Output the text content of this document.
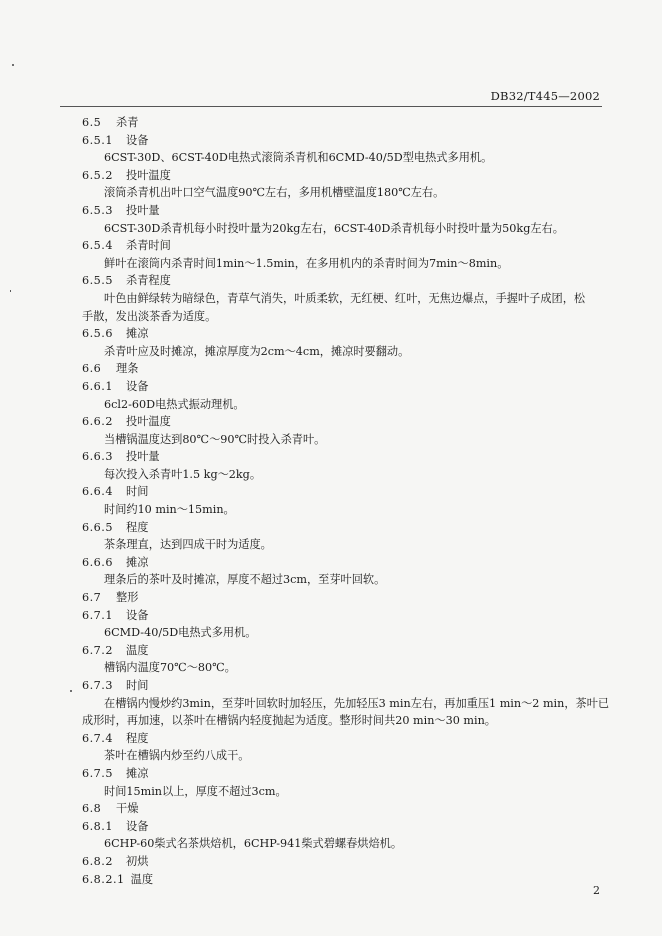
DB32/T445—2002
6.5 杀青
6.5.1 设备
6CST-30D、6CST-40D电热式滚筒杀青机和6CMD-40/5D型电热式多用机。
6.5.2 投叶温度
滚筒杀青机出叶口空气温度90℃左右，多用机槽壁温度180℃左右。
6.5.3 投叶量
6CST-30D杀青机每小时投叶量为20kg左右，6CST-40D杀青机每小时投叶量为50kg左右。
6.5.4 杀青时间
鲜叶在滚筒内杀青时间1min～1.5min，在多用机内的杀青时间为7min～8min。
6.5.5 杀青程度
叶色由鲜绿转为暗绿色，青草气消失，叶质柔软，无红梗、红叶，无焦边爆点，手握叶子成团，松
手散，发出淡茶香为适度。
6.5.6 摊凉
杀青叶应及时摊凉，摊凉厚度为2cm～4cm，摊凉时要翻动。
6.6 理条
6.6.1 设备
6cl2-60D电热式振动理机。
6.6.2 投叶温度
当槽锅温度达到80℃～90℃时投入杀青叶。
6.6.3 投叶量
每次投入杀青叶1.5 kg～2kg。
6.6.4 时间
时间约10 min～15min。
6.6.5 程度
茶条理直，达到四成干时为适度。
6.6.6 摊凉
理条后的茶叶及时摊凉，厚度不超过3cm，至芽叶回软。
6.7 整形
6.7.1 设备
6CMD-40/5D电热式多用机。
6.7.2 温度
槽锅内温度70℃～80℃。
6.7.3 时间
在槽锅内慢炒约3min，至芽叶回软时加轻压，先加轻压3 min左右，再加重压1 min～2 min，茶叶已
成形时，再加速，以茶叶在槽锅内轻度抛起为适度。整形时间共20 min～30 min。
6.7.4 程度
茶叶在槽锅内炒至约八成干。
6.7.5 摊凉
时间15min以上，厚度不超过3cm。
6.8 干燥
6.8.1 设备
6CHP-60柴式名茶烘焙机，6CHP-941柴式碧螺春烘焙机。
6.8.2 初烘
6.8.2.1 温度
2
